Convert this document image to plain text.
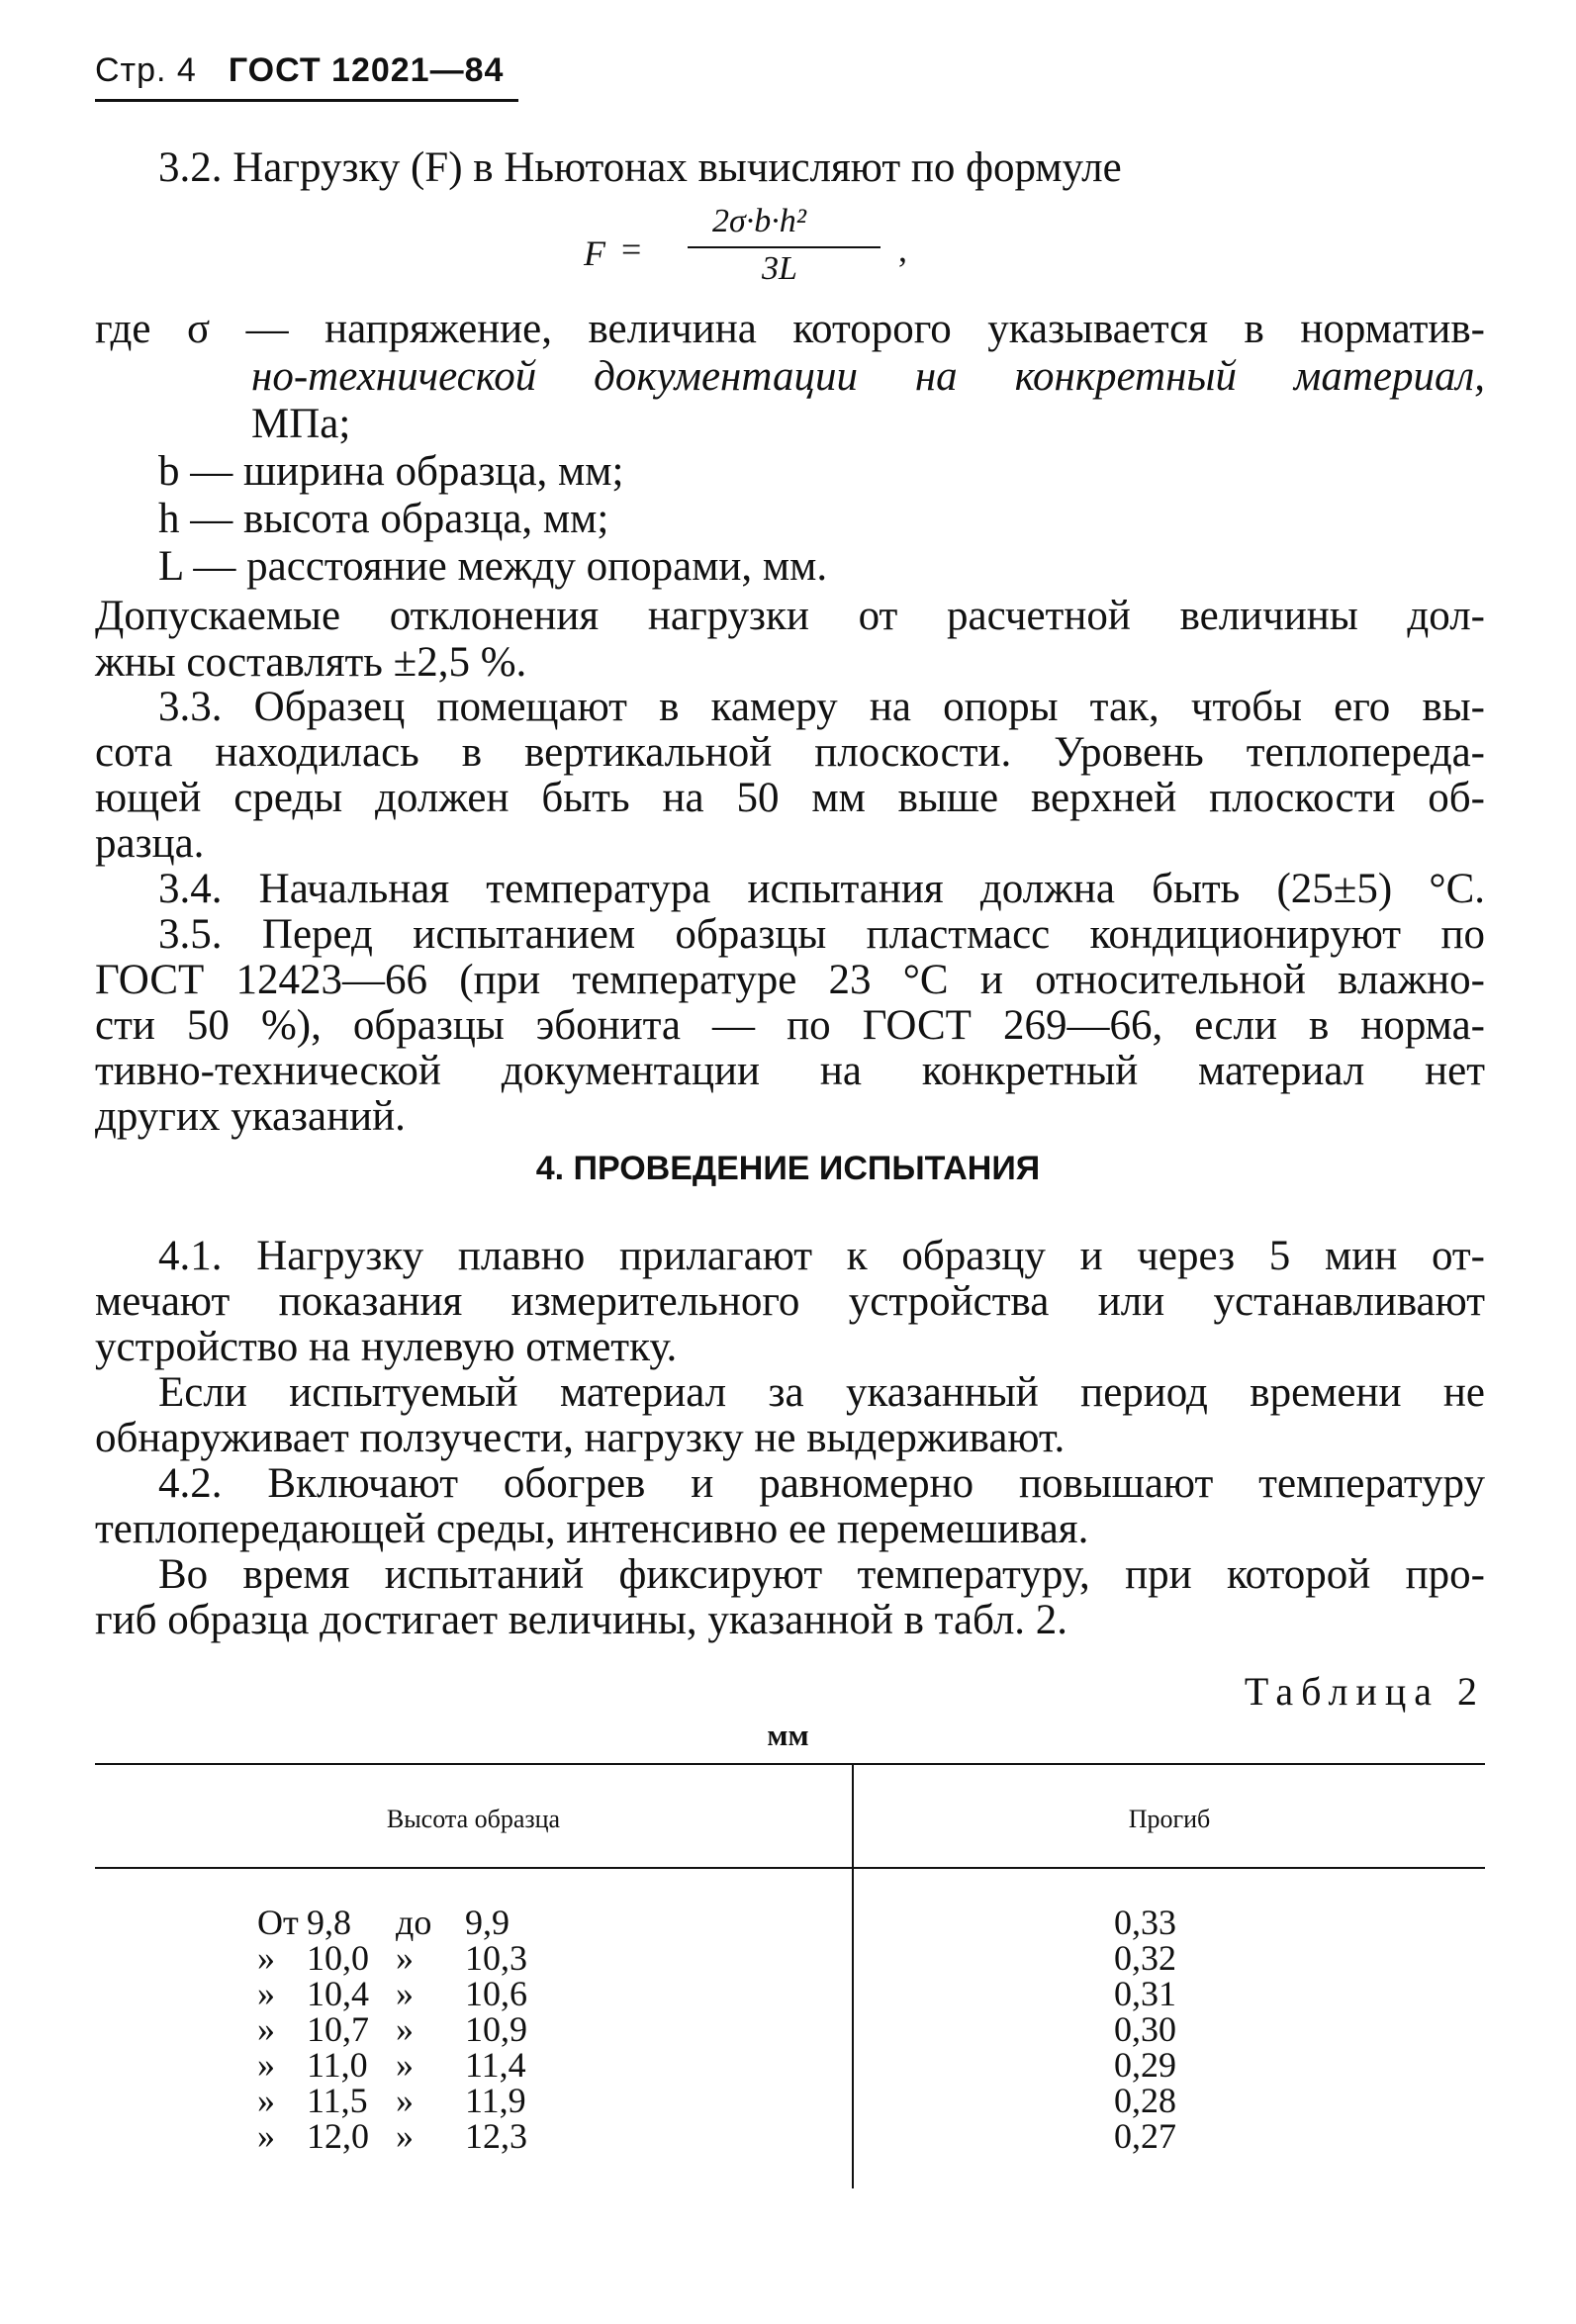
Стр. 4 ГОСТ 12021—84
3.2. Нагрузку (F) в Ньютонах вычисляют по формуле
F =
2σ·b·h²
3L	,
где σ — напряжение, величина которого указывается в норматив-
но-технической документации на конкретный материал,
МПа;
b — ширина образца, мм;
h — высота образца, мм;
L — расстояние между опорами, мм.
Допускаемые отклонения нагрузки от расчетной величины дол-
жны составлять ±2,5 %.
3.3. Образец помещают в камеру на опоры так, чтобы его вы-
сота находилась в вертикальной плоскости. Уровень теплопереда-
ющей среды должен быть на 50 мм выше верхней плоскости об-
разца.
3.4. Начальная температура испытания должна быть (25±5) °С.
3.5. Перед испытанием образцы пластмасс кондиционируют по
ГОСТ 12423—66 (при температуре 23 °С и относительной влажно-
сти 50 %), образцы эбонита — по ГОСТ 269—66, если в норма-
тивно-технической документации на конкретный материал нет
других указаний.
4. ПРОВЕДЕНИЕ ИСПЫТАНИЯ
4.1. Нагрузку плавно прилагают к образцу и через 5 мин от-
мечают показания измерительного устройства или устанавливают
устройство на нулевую отметку.
Если испытуемый материал за указанный период времени не
обнаруживает ползучести, нагрузку не выдерживают.
4.2. Включают обогрев и равномерно повышают температуру
теплопередающей среды, интенсивно ее перемешивая.
Во время испытаний фиксируют температуру, при которой про-
гиб образца достигает величины, указанной в табл. 2.
Таблица 2
мм
Высота образца	Прогиб
От 9,8 до 9,9	0,33
» 10,0 » 10,3	0,32
» 10,4 » 10,6	0,31
» 10,7 » 10,9	0,30
» 11,0 » 11,4	0,29
» 11,5 » 11,9	0,28
» 12,0 » 12,3	0,27
